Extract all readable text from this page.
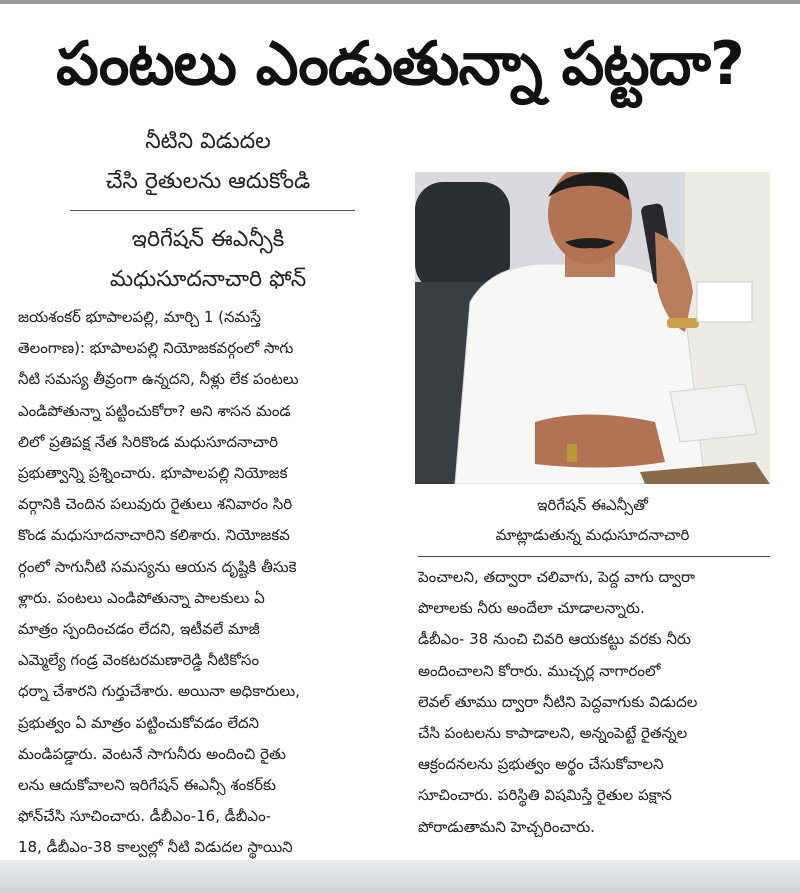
పంటలు ఎండుతున్నా పట్టదా?
నీటిని విడుదల
చేసి రైతులను ఆదుకోండి
ఇరిగేషన్ ఈఎన్సీకి
మధుసూదనాచారి ఫోన్
జయశంకర్ భూపాలపల్లి, మార్చి 1 (నమస్తే
తెలంగాణ): భూపాలపల్లి నియోజకవర్గంలో సాగు
నీటి సమస్య తీవ్రంగా ఉన్నదని, నీళ్లు లేక పంటలు
ఎండిపోతున్నా పట్టించుకోరా? అని శాసన మండ
లిలో ప్రతిపక్ష నేత సిరికొండ మధుసూదనాచారి
ప్రభుత్వాన్ని ప్రశ్నించారు. భూపాలపల్లి నియోజక
వర్గానికి చెందిన పలువురు రైతులు శనివారం సిరి
కొండ మధుసూదనాచారిని కలిశారు. నియోజకవ
ర్గంలో సాగునీటి సమస్యను ఆయన దృష్టికి తీసుకె
ళ్లారు. పంటలు ఎండిపోతున్నా పాలకులు ఏ
మాత్రం స్పందించడం లేదని, ఇటీవలే మాజీ
ఎమ్మెల్యే గండ్ర వెంకటరమణారెడ్డి నీటికోసం
ధర్నా చేశారని గుర్తుచేశారు. అయినా అధికారులు,
ప్రభుత్వం ఏ మాత్రం పట్టించుకోవడం లేదని
మండిపడ్డారు. వెంటనే సాగునీరు అందించి రైతు
లను ఆదుకోవాలని ఇరిగేషన్ ఈఎన్సీ శంకర్‌కు
ఫోన్‌చేసి సూచించారు. డీబీఎం-16, డీబీఎం-
18, డీబీఎం-38 కాల్వల్లో నీటి విడుదల స్థాయిని
ఇరిగేషన్ ఈఎన్సీతో
మాట్లాడుతున్న మధుసూదనాచారి
పెంచాలని, తద్వారా చలివాగు, పెద్ద వాగు ద్వారా
పొలాలకు నీరు అందేలా చూడాలన్నారు.
డీబీఎం- 38 నుంచి చివరి ఆయకట్టు వరకు నీరు
అందించాలని కోరారు. ముచ్చర్ల నాగారంలో
లెవల్ తూము ద్వారా నీటిని పెద్దవాగుకు విడుదల
చేసి పంటలను కాపాడాలని, అన్నంపెట్టే రైతన్నల
ఆక్రందనలను ప్రభుత్వం అర్థం చేసుకోవాలని
సూచించారు. పరిస్థితి విషమిస్తే రైతుల పక్షాన
పోరాడుతామని హెచ్చరించారు.
